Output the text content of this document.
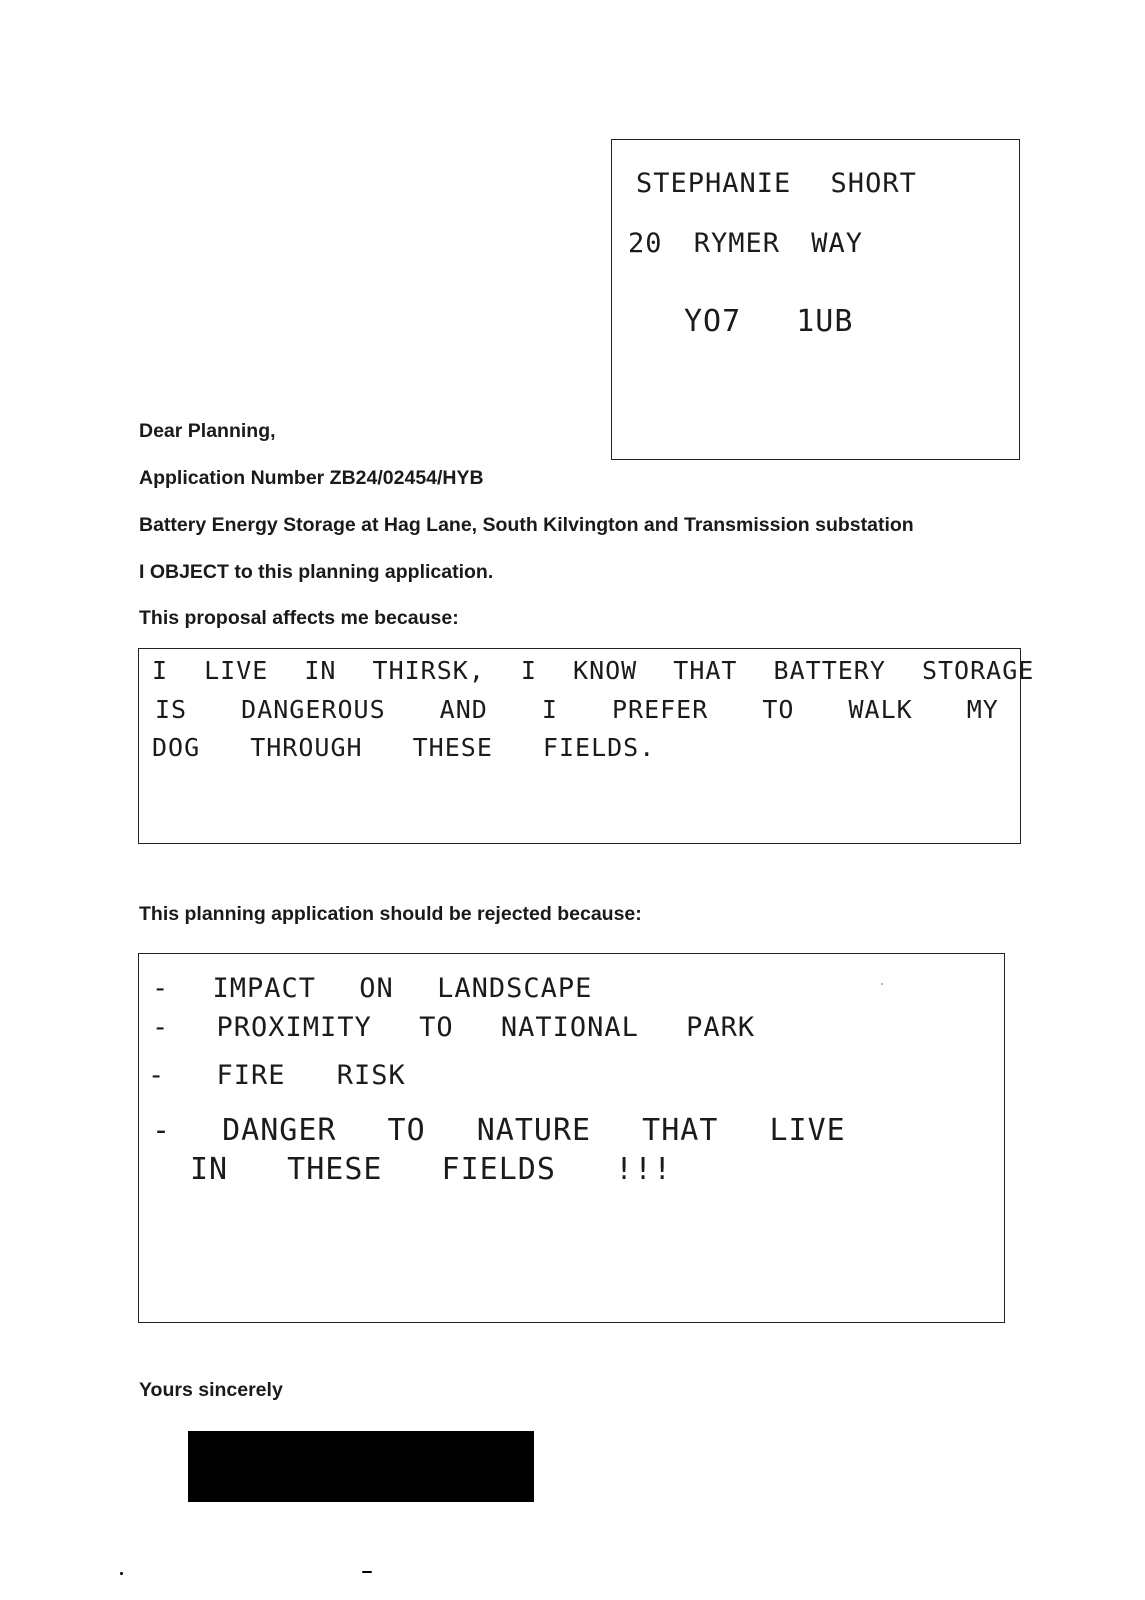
STEPHANIE SHORT
20 RYMER WAY
YO7 1UB
Dear Planning,
Application Number ZB24/02454/HYB
Battery Energy Storage at Hag Lane, South Kilvington and Transmission substation
I OBJECT to this planning application.
This proposal affects me because:
I LIVE IN THIRSK, I KNOW THAT BATTERY STORAGE
IS DANGEROUS AND I PREFER TO WALK MY
DOG THROUGH THESE FIELDS.
This planning application should be rejected because:
- IMPACT ON LANDSCAPE
- PROXIMITY TO NATIONAL PARK
- FIRE RISK
- DANGER TO NATURE THAT LIVE
IN THESE FIELDS !!!
Yours sincerely
